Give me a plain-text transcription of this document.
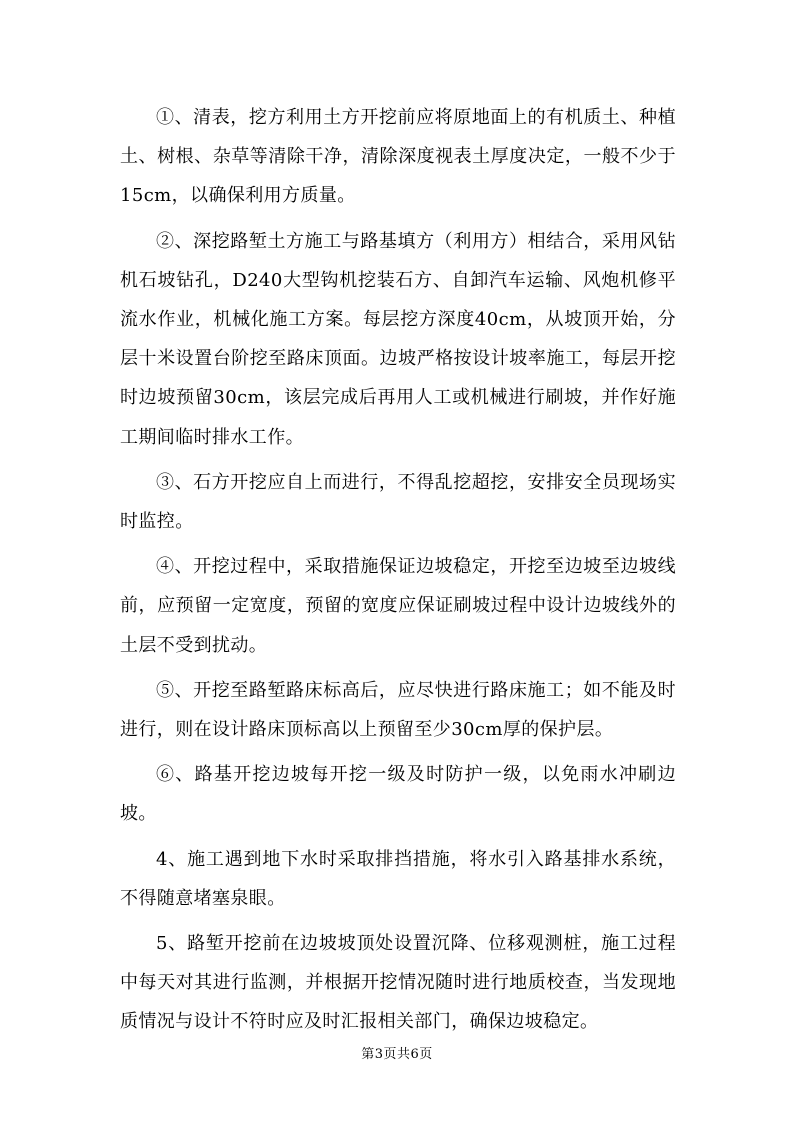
①、清表，挖方利用土方开挖前应将原地面上的有机质土、种植土、树根、杂草等清除干净，清除深度视表土厚度决定，一般不少于15cm，以确保利用方质量。

②、深挖路堑土方施工与路基填方（利用方）相结合，采用风钻机石坡钻孔，D240大型钩机挖装石方、自卸汽车运输、风炮机修平流水作业，机械化施工方案。每层挖方深度40cm，从坡顶开始，分层十米设置台阶挖至路床顶面。边坡严格按设计坡率施工，每层开挖时边坡预留30cm，该层完成后再用人工或机械进行刷坡，并作好施工期间临时排水工作。

③、石方开挖应自上而进行，不得乱挖超挖，安排安全员现场实时监控。

④、开挖过程中，采取措施保证边坡稳定，开挖至边坡至边坡线前，应预留一定宽度，预留的宽度应保证刷坡过程中设计边坡线外的土层不受到扰动。

⑤、开挖至路堑路床标高后，应尽快进行路床施工；如不能及时进行，则在设计路床顶标高以上预留至少30cm厚的保护层。

⑥、路基开挖边坡每开挖一级及时防护一级，以免雨水冲刷边坡。

4、施工遇到地下水时采取排挡措施，将水引入路基排水系统，不得随意堵塞泉眼。

5、路堑开挖前在边坡坡顶处设置沉降、位移观测桩，施工过程中每天对其进行监测，并根据开挖情况随时进行地质校查，当发现地质情况与设计不符时应及时汇报相关部门，确保边坡稳定。

第3页共6页
